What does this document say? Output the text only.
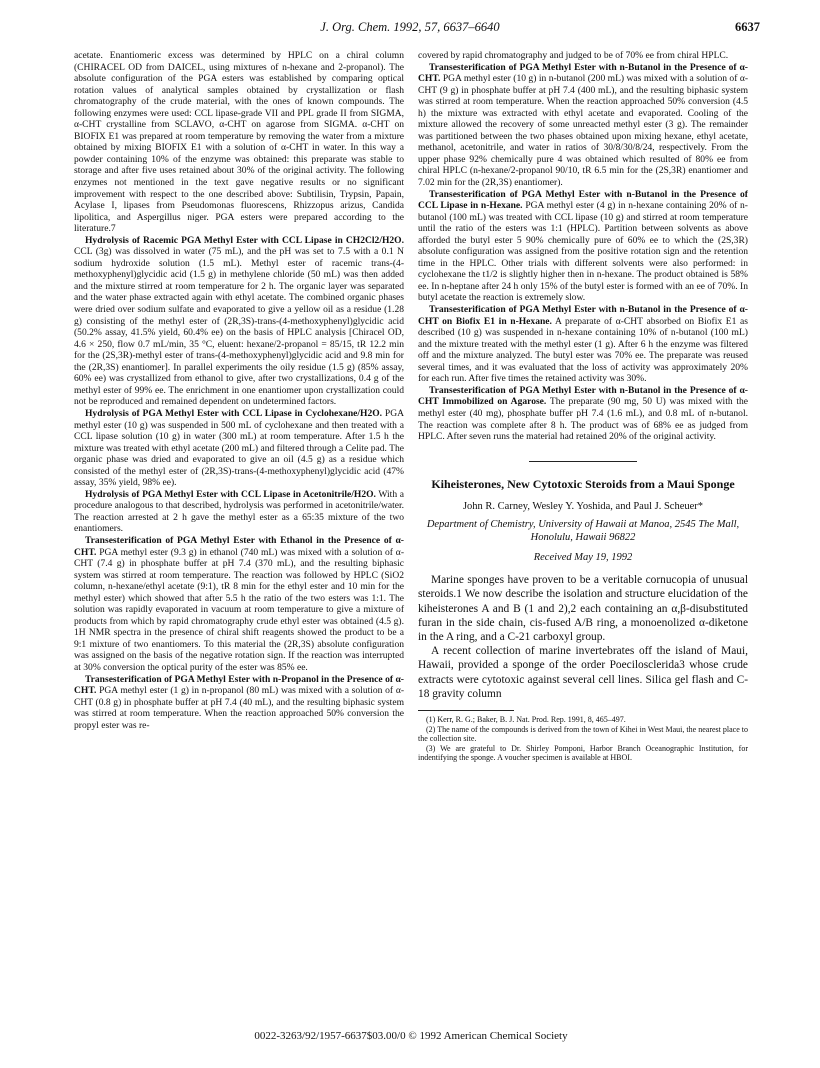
J. Org. Chem. 1992, 57, 6637–6640	6637

acetate. Enantiomeric excess was determined by HPLC on a chiral column (CHIRACEL OD from DAICEL, using mixtures of n-hexane and 2-propanol). The absolute configuration of the PGA esters was established by comparing optical rotation values of analytical samples obtained by crystallization or flash chromatography of the crude material, with the ones of known compounds. The following enzymes were used: CCL lipase-grade VII and PPL grade II from SIGMA, α-CHT crystalline from SCLAVO, α-CHT on agarose from SIGMA. α-CHT on BIOFIX E1 was prepared at room temperature by removing the water from a mixture obtained by mixing BIOFIX E1 with a solution of α-CHT in water. In this way a powder containing 10% of the enzyme was obtained: this preparate was stable to storage and after five uses retained about 30% of the original activity. The following enzymes not mentioned in the text gave negative results or no significant improvement with respect to the one described above: Subtilisin, Trypsin, Papain, Acylase I, lipases from Pseudomonas fluorescens, Rhizzopus arizus, Candida lipolitica, and Aspergillus niger. PGA esters were prepared according to the literature.7

Hydrolysis of Racemic PGA Methyl Ester with CCL Lipase in CH2Cl2/H2O. CCL (3g) was dissolved in water (75 mL), and the pH was set to 7.5 with a 0.1 N sodium hydroxide solution (1.5 mL). Methyl ester of racemic trans-(4-methoxyphenyl)glycidic acid (1.5 g) in methylene chloride (50 mL) was then added and the mixture stirred at room temperature for 2 h. The organic layer was separated and the water phase extracted again with ethyl acetate. The combined organic phases were dried over sodium sulfate and evaporated to give a yellow oil as a residue (1.28 g) consisting of the methyl ester of (2R,3S)-trans-(4-methoxyphenyl)glycidic acid (50.2% assay, 41.5% yield, 60.4% ee) on the basis of HPLC analysis [Chiracel OD, 4.6 × 250, flow 0.7 mL/min, 35 °C, eluent: hexane/2-propanol = 85/15, tR 12.2 min for the (2S,3R)-methyl ester of trans-(4-methoxyphenyl)glycidic acid and 9.8 min for the (2R,3S) enantiomer]. In parallel experiments the oily residue (1.5 g) (85% assay, 60% ee) was crystallized from ethanol to give, after two crystallizations, 0.4 g of the methyl ester of 99% ee. The enrichment in one enantiomer upon crystallization could not be reproduced and remained dependent on undetermined factors.

Hydrolysis of PGA Methyl Ester with CCL Lipase in Cyclohexane/H2O. PGA methyl ester (10 g) was suspended in 500 mL of cyclohexane and then treated with a CCL lipase solution (10 g) in water (300 mL) at room temperature. After 1.5 h the mixture was treated with ethyl acetate (200 mL) and filtered through a Celite pad. The organic phase was dried and evaporated to give an oil (4.5 g) as a residue which consisted of the methyl ester of (2R,3S)-trans-(4-methoxyphenyl)glycidic acid (47% assay, 35% yield, 98% ee).

Hydrolysis of PGA Methyl Ester with CCL Lipase in Acetonitrile/H2O. With a procedure analogous to that described, hydrolysis was performed in acetonitrile/water. The reaction arrested at 2 h gave the methyl ester as a 65:35 mixture of the two enantiomers.

Transesterification of PGA Methyl Ester with Ethanol in the Presence of α-CHT. PGA methyl ester (9.3 g) in ethanol (740 mL) was mixed with a solution of α-CHT (7.4 g) in phosphate buffer at pH 7.4 (370 mL), and the resulting biphasic system was stirred at room temperature. The reaction was followed by HPLC (SiO2 column, n-hexane/ethyl acetate (9:1), tR 8 min for the ethyl ester and 10 min for the methyl ester) which showed that after 5.5 h the ratio of the two esters was 1:1. The solution was rapidly evaporated in vacuum at room temperature to give a mixture of products from which by rapid chromatography crude ethyl ester was obtained (4.5 g). 1H NMR spectra in the presence of chiral shift reagents showed the product to be a 9:1 mixture of two enantiomers. To this material the (2R,3S) absolute configuration was assigned on the basis of the negative rotation sign. If the reaction was interrupted at 30% conversion the optical purity of the ester was 85% ee.

Transesterification of PGA Methyl Ester with n-Propanol in the Presence of α-CHT. PGA methyl ester (1 g) in n-propanol (80 mL) was mixed with a solution of α-CHT (0.8 g) in phosphate buffer at pH 7.4 (40 mL), and the resulting biphasic system was stirred at room temperature. When the reaction approached 50% conversion the propyl ester was re-

covered by rapid chromatography and judged to be of 70% ee from chiral HPLC.

Transesterification of PGA Methyl Ester with n-Butanol in the Presence of α-CHT. PGA methyl ester (10 g) in n-butanol (200 mL) was mixed with a solution of α-CHT (9 g) in phosphate buffer at pH 7.4 (400 mL), and the resulting biphasic system was stirred at room temperature. When the reaction approached 50% conversion (4.5 h) the mixture was extracted with ethyl acetate and evaporated. Cooling of the mixture allowed the recovery of some unreacted methyl ester (3 g). The remainder was partitioned between the two phases obtained upon mixing hexane, ethyl acetate, methanol, acetonitrile, and water in ratios of 30/8/30/8/24, respectively. From the upper phase 92% chemically pure 4 was obtained which resulted of 80% ee from chiral HPLC (n-hexane/2-propanol 90/10, tR 6.5 min for the (2S,3R) enantiomer and 7.02 min for the (2R,3S) enantiomer).

Transesterification of PGA Methyl Ester with n-Butanol in the Presence of CCL Lipase in n-Hexane. PGA methyl ester (4 g) in n-hexane containing 20% of n-butanol (100 mL) was treated with CCL lipase (10 g) and stirred at room temperature until the ratio of the esters was 1:1 (HPLC). Partition between solvents as above afforded the butyl ester 5 90% chemically pure of 60% ee to which the (2S,3R) absolute configuration was assigned from the positive rotation sign and the retention time in the HPLC. Other trials with different solvents were also performed: in cyclohexane the t1/2 is slightly higher then in n-hexane. The product obtained is 58% ee. In n-heptane after 24 h only 15% of the butyl ester is formed with an ee of 70%. In butyl acetate the reaction is extremely slow.

Transesterification of PGA Methyl Ester with n-Butanol in the Presence of α-CHT on Biofix E1 in n-Hexane. A preparate of α-CHT absorbed on Biofix E1 as described (10 g) was suspended in n-hexane containing 10% of n-butanol (100 mL) and the mixture treated with the methyl ester (1 g). After 6 h the enzyme was filtered off and the mixture analyzed. The butyl ester was 70% ee. The preparate was reused several times, and it was evaluated that the loss of activity was approximately 20% for each run. After five times the retained activity was 30%.

Transesterification of PGA Methyl Ester with n-Butanol in the Presence of α-CHT Immobilized on Agarose. The preparate (90 mg, 50 U) was mixed with the methyl ester (40 mg), phosphate buffer pH 7.4 (1.6 mL), and 0.8 mL of n-butanol. The reaction was complete after 8 h. The product was of 68% ee as judged from HPLC. After seven runs the material had retained 20% of the original activity.

Kiheisterones, New Cytotoxic Steroids from a Maui Sponge
John R. Carney, Wesley Y. Yoshida, and Paul J. Scheuer*
Department of Chemistry, University of Hawaii at Manoa, 2545 The Mall, Honolulu, Hawaii 96822
Received May 19, 1992

Marine sponges have proven to be a veritable cornucopia of unusual steroids.1 We now describe the isolation and structure elucidation of the kiheisterones A and B (1 and 2),2 each containing an α,β-disubstituted furan in the side chain, cis-fused A/B ring, a monoenolized α-diketone in the A ring, and a C-21 carboxyl group.

A recent collection of marine invertebrates off the island of Maui, Hawaii, provided a sponge of the order Poecilosclerida3 whose crude extracts were cytotoxic against several cell lines. Silica gel flash and C-18 gravity column

(1) Kerr, R. G.; Baker, B. J. Nat. Prod. Rep. 1991, 8, 465–497.

(2) The name of the compounds is derived from the town of Kihei in West Maui, the nearest place to the collection site.

(3) We are grateful to Dr. Shirley Pomponi, Harbor Branch Oceanographic Institution, for indentifying the sponge. A voucher specimen is available at HBOI.

0022-3263/92/1957-6637$03.00/0 © 1992 American Chemical Society
